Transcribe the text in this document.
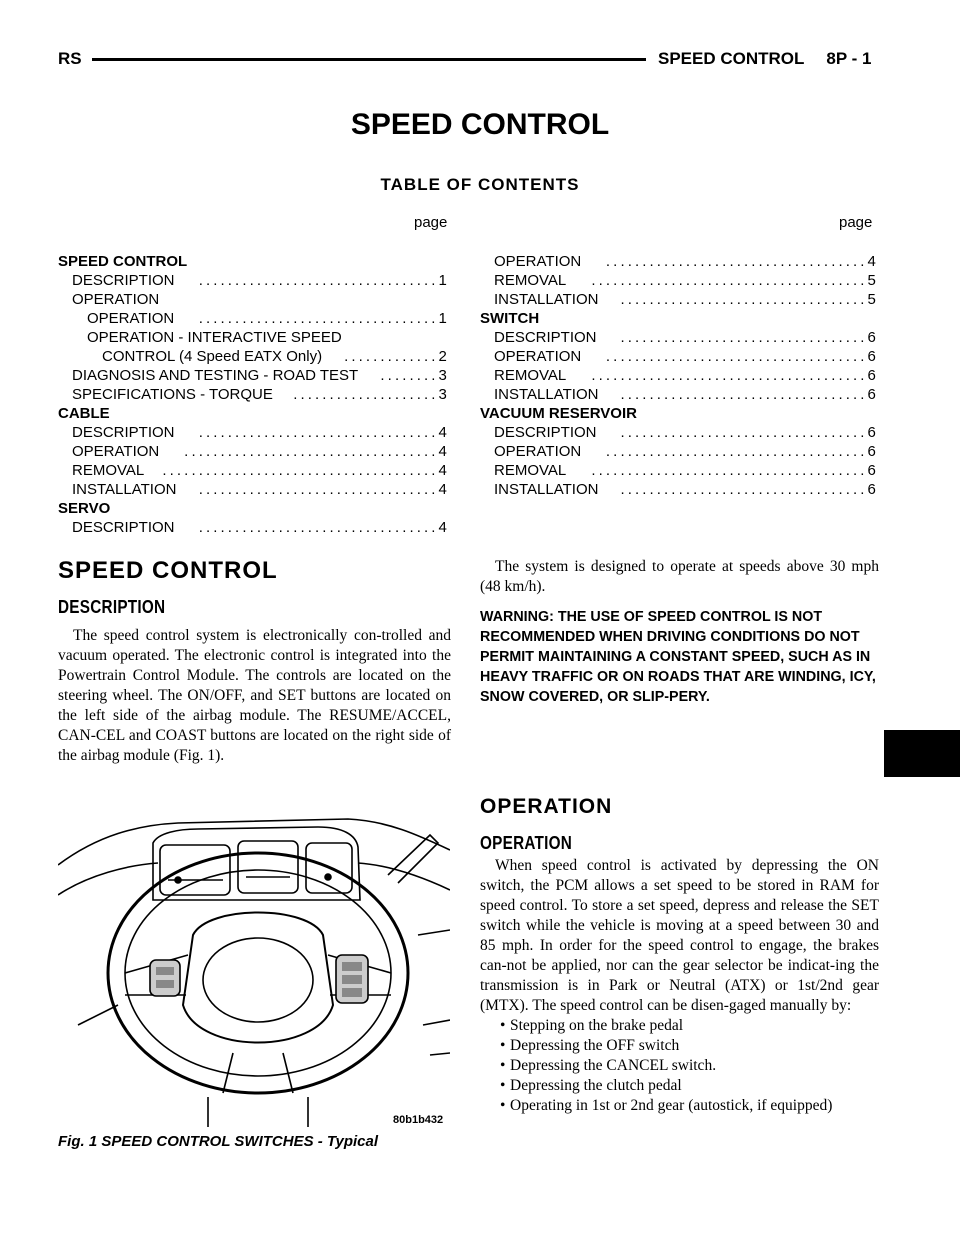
RS	SPEED CONTROL 8P - 1
SPEED CONTROL
TABLE OF CONTENTS
page	page
SPEED CONTROL
DESCRIPTION .................................1
OPERATION
OPERATION .................................1
OPERATION - INTERACTIVE SPEED
CONTROL (4 Speed EATX Only) .............2
DIAGNOSIS AND TESTING - ROAD TEST ........3
SPECIFICATIONS - TORQUE ....................3
CABLE
DESCRIPTION .................................4
OPERATION ...................................4
REMOVAL ......................................4
INSTALLATION .................................4
SERVO
DESCRIPTION .................................4
OPERATION ....................................4
REMOVAL ......................................5
INSTALLATION ..................................5
SWITCH
DESCRIPTION ..................................6
OPERATION ....................................6
REMOVAL ......................................6
INSTALLATION ..................................6
VACUUM RESERVOIR
DESCRIPTION ..................................6
OPERATION ....................................6
REMOVAL ......................................6
INSTALLATION ..................................6
SPEED CONTROL
DESCRIPTION
The speed control system is electronically con-trolled and vacuum operated. The electronic control is integrated into the Powertrain Control Module. The controls are located on the steering wheel. The ON/OFF, and SET buttons are located on the left side of the airbag module. The RESUME/ACCEL, CAN-CEL and COAST buttons are located on the right side of the airbag module (Fig. 1).
80b1b432
Fig. 1 SPEED CONTROL SWITCHES - Typical
The system is designed to operate at speeds above 30 mph (48 km/h).
WARNING: THE USE OF SPEED CONTROL IS NOT RECOMMENDED WHEN DRIVING CONDITIONS DO NOT PERMIT MAINTAINING A CONSTANT SPEED, SUCH AS IN HEAVY TRAFFIC OR ON ROADS THAT ARE WINDING, ICY, SNOW COVERED, OR SLIP-PERY.
OPERATION
OPERATION
When speed control is activated by depressing the ON switch, the PCM allows a set speed to be stored in RAM for speed control. To store a set speed, depress and release the SET switch while the vehicle is moving at a speed between 30 and 85 mph. In order for the speed control to engage, the brakes can-not be applied, nor can the gear selector be indicat-ing the transmission is in Park or Neutral (ATX) or 1st/2nd gear (MTX). The speed control can be disen-gaged manually by:
• Stepping on the brake pedal
• Depressing the OFF switch
• Depressing the CANCEL switch.
• Depressing the clutch pedal
• Operating in 1st or 2nd gear (autostick, if equipped)
